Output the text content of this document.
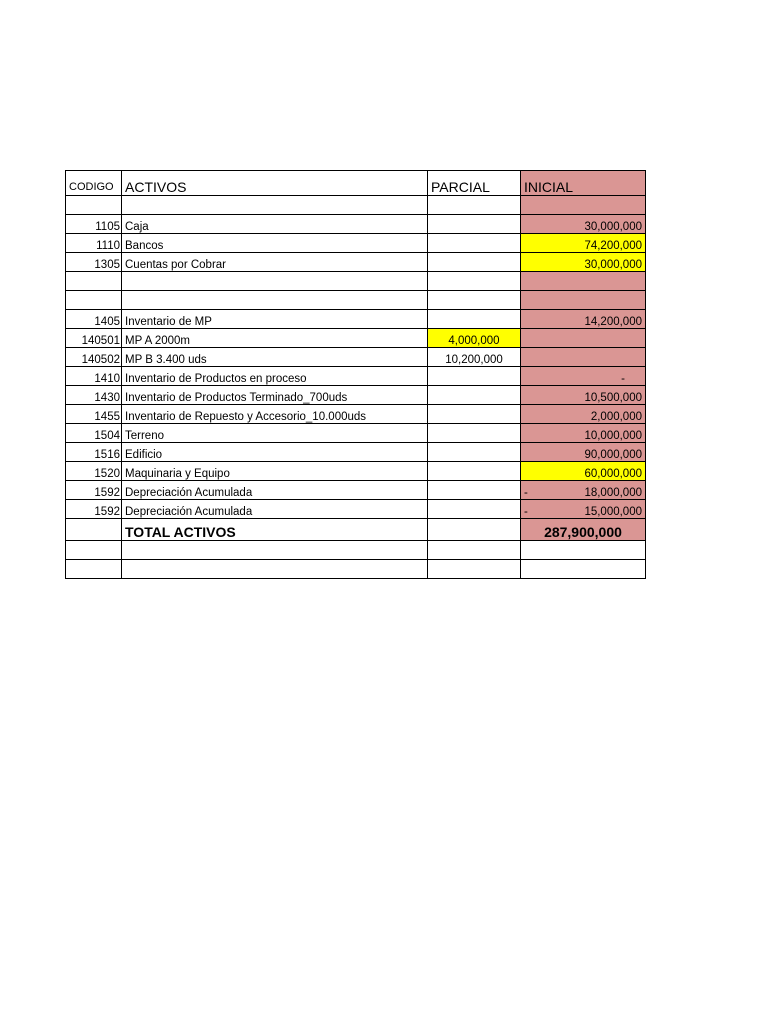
CODIGO	ACTIVOS	PARCIAL	INICIAL

1105	Caja		30,000,000
1110	Bancos		74,200,000
1305	Cuentas por Cobrar		30,000,000

1405	Inventario de MP		14,200,000
140501	MP A 2000m	4,000,000	
140502	MP B 3.400 uds	10,200,000	
1410	Inventario de Productos en proceso		-
1430	Inventario de Productos Terminado_700uds		10,500,000
1455	Inventario de Repuesto y Accesorio_10.000uds		2,000,000
1504	Terreno		10,000,000
1516	Edificio		90,000,000
1520	Maquinaria y Equipo		60,000,000
1592	Depreciación Acumulada		- 18,000,000

1592	Depreciación Acumulada		- 15,000,000

	TOTAL ACTIVOS		287,900,000
